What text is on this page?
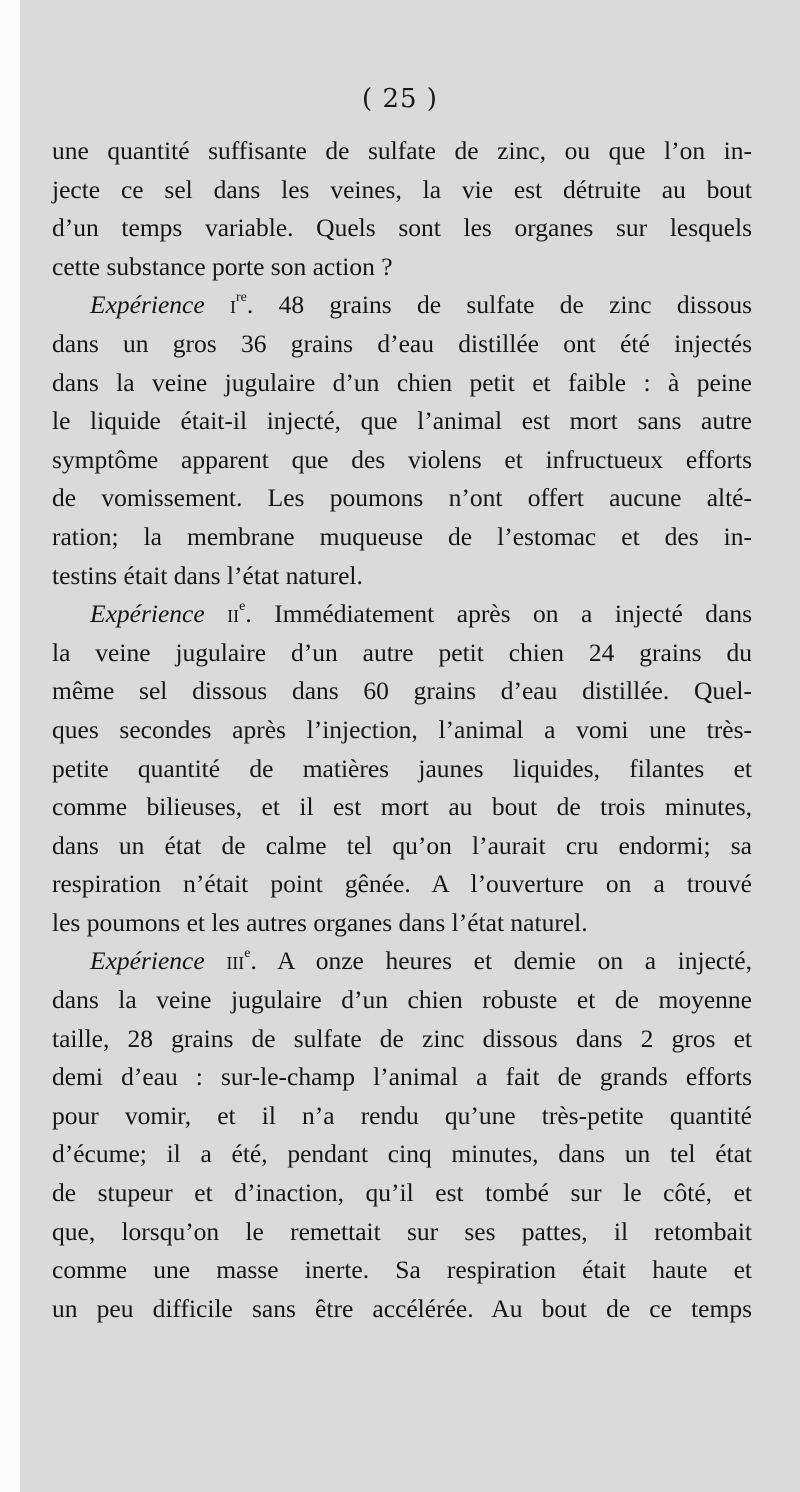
( 25 )
une quantité suffisante de sulfate de zinc, ou que l’on in-
jecte ce sel dans les veines, la vie est détruite au bout
d’un temps variable. Quels sont les organes sur lesquels
cette substance porte son action ?
Expérience $i^{re}$. 48 grains de sulfate de zinc dissous
dans un gros 36 grains d’eau distillée ont été injectés
dans la veine jugulaire d’un chien petit et faible : à peine
le liquide était-il injecté, que l’animal est mort sans autre
symptôme apparent que des violens et infructueux efforts
de vomissement. Les poumons n’ont offert aucune alté-
ration; la membrane muqueuse de l’estomac et des in-
testins était dans l’état naturel.
Expérience $ii^e$. Immédiatement après on a injecté dans
la veine jugulaire d’un autre petit chien 24 grains du
même sel dissous dans 60 grains d’eau distillée. Quel-
ques secondes après l’injection, l’animal a vomi une très-
petite quantité de matières jaunes liquides, filantes et
comme bilieuses, et il est mort au bout de trois minutes,
dans un état de calme tel qu’on l’aurait cru endormi; sa
respiration n’était point gênée. A l’ouverture on a trouvé
les poumons et les autres organes dans l’état naturel.
Expérience iii$^e$. A onze heures et demie on a injecté,
dans la veine jugulaire d’un chien robuste et de moyenne
taille, 28 grains de sulfate de zinc dissous dans 2 gros et
demi d’eau : sur-le-champ l’animal a fait de grands efforts
pour vomir, et il n’a rendu qu’une très-petite quantité
d’écume; il a été, pendant cinq minutes, dans un tel état
de stupeur et d’inaction, qu’il est tombé sur le côté, et
que, lorsqu’on le remettait sur ses pattes, il retombait
comme une masse inerte. Sa respiration était haute et
un peu difficile sans être accélérée. Au bout de ce temps
